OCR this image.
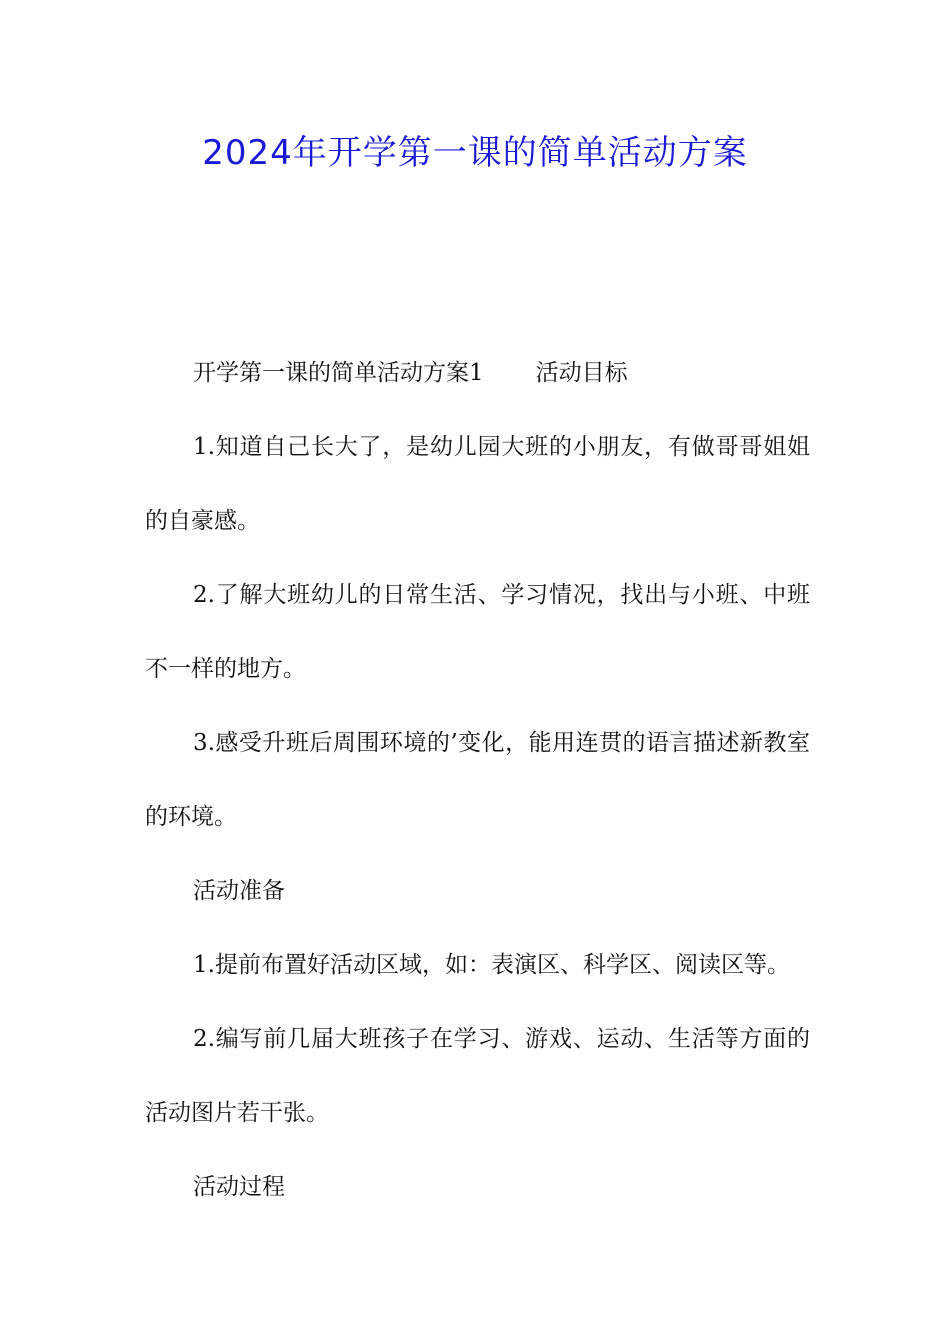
2024年开学第一课的简单活动方案

开学第一课的简单活动方案1 活动目标

1.知道自己长大了，是幼儿园大班的小朋友，有做哥哥姐姐的自豪感。

2.了解大班幼儿的日常生活、学习情况，找出与小班、中班不一样的地方。

3.感受升班后周围环境的’变化，能用连贯的语言描述新教室的环境。

活动准备

1.提前布置好活动区域，如：表演区、科学区、阅读区等。

2.编写前几届大班孩子在学习、游戏、运动、生活等方面的活动图片若干张。

活动过程
